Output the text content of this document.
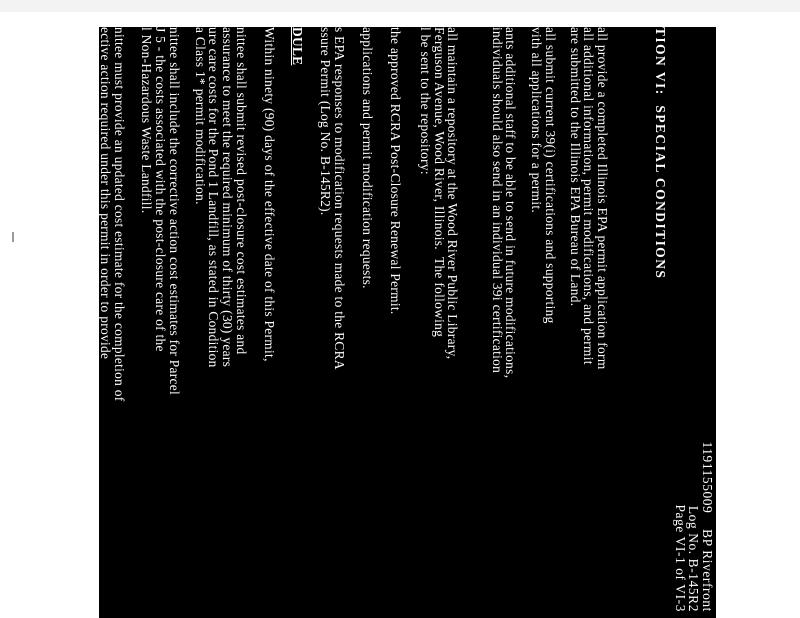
1191155009    BP Riverfront
Log No. B-145R2
Page VI-1 of VI-3
TION VI:  SPECIAL CONDITIONS
all provide a completed Illinois EPA permit application form
all additional information, permit modifications, and permit
are submitted to the Illinois EPA Bureau of Land.
all submit current 39(i) certifications and supporting
vith all applications for a permit.
ants additional staff to be able to send in future modifications,
individuals should also send in an individual 39i certification
all maintain a repository at the Wood River Public Library,
Ferguson Avenue, Wood River, Illinois.  The following
l be sent to the repository:
the approved RCRA Post-Closure Renewal Permit.
applications and permit modification requests.
s EPA responses to modification requests made to the RCRA
ssure Permit (Log No. B-145R2).
DULE
Within ninety (90) days of the effective date of this Permit,
nittee shall submit revised post-closure cost estimates and
assurance to meet the required minimum of thirty (30) years
ure care costs for the Pond 1 Landfill, as stated in Condition
a Class 1* permit modification.
nittee shall include the corrective action cost estimates for Parcel
J 5 - the costs associated with the post-closure care of the
l Non-Hazardous Waste Landfill.
nittee must provide an updated cost estimate for the completion of
ective action required under this permit in order to provide
assurance for the approved amount of that cost estimate within
